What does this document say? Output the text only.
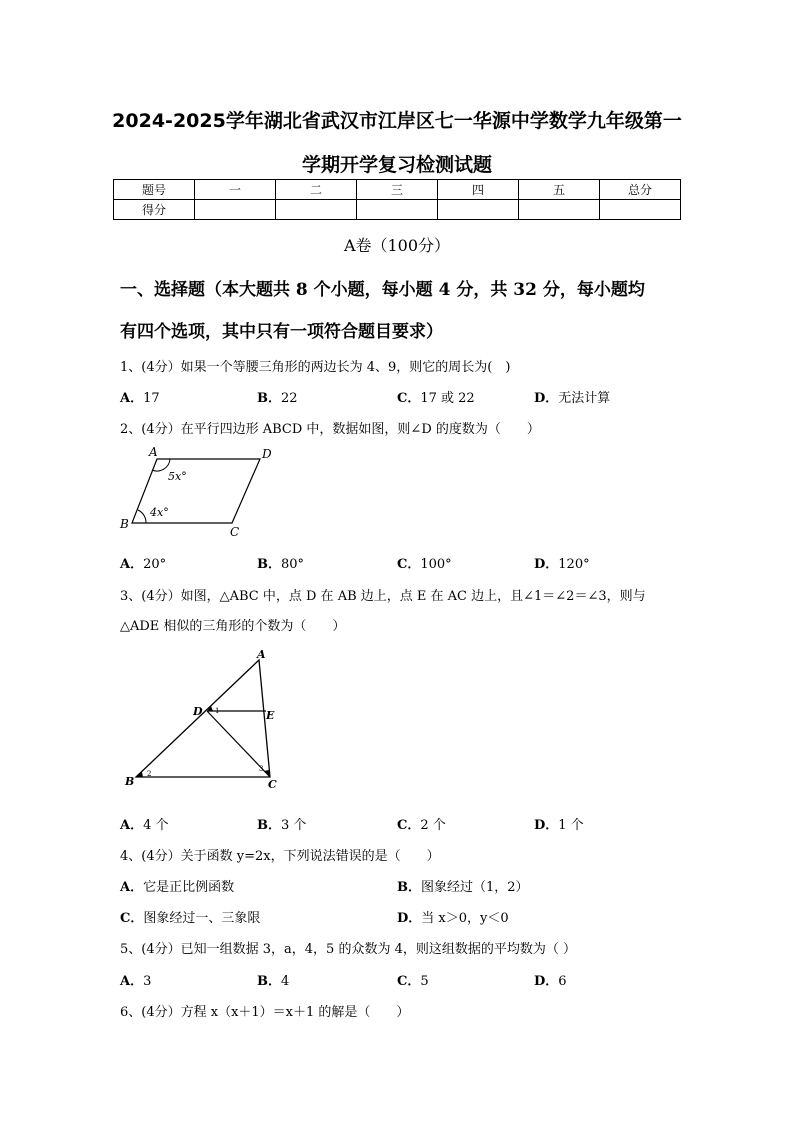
2024-2025学年湖北省武汉市江岸区七一华源中学数学九年级第一
学期开学复习检测试题
题号	一	二	三	四	五	总分
得分						
A卷（100分）
一、选择题（本大题共 8 个小题，每小题 4 分，共 32 分，每小题均
有四个选项，其中只有一项符合题目要求）
1、(4分）如果一个等腰三角形的两边长为 4、9，则它的周长为(　)
A．17	B．22	C．17 或 22	D．无法计算
2、(4分）在平行四边形 ABCD 中，数据如图，则∠D 的度数为（　　）
A	D
B
C
5x°
4x°
A．20°	B．80°	C．100°	D．120°
3、(4分）如图，△ABC 中，点 D 在 AB 边上，点 E 在 AC 边上，且∠1＝∠2＝∠3，则与
△ADE 相似的三角形的个数为（　　）
A
D	E
B	C
1
2
3
A．4 个	B．3 个	C．2 个	D．1 个
4、(4分）关于函数 y=2x，下列说法错误的是（　　）
A．它是正比例函数	B．图象经过（1，2）
C．图象经过一、三象限	D．当 x＞0，y＜0
5、(4分）已知一组数据 3，a，4，5 的众数为 4，则这组数据的平均数为（ ）
A．3	B．4	C．5	D．6
6、(4分）方程 x（x＋1）＝x＋1 的解是（　　）
